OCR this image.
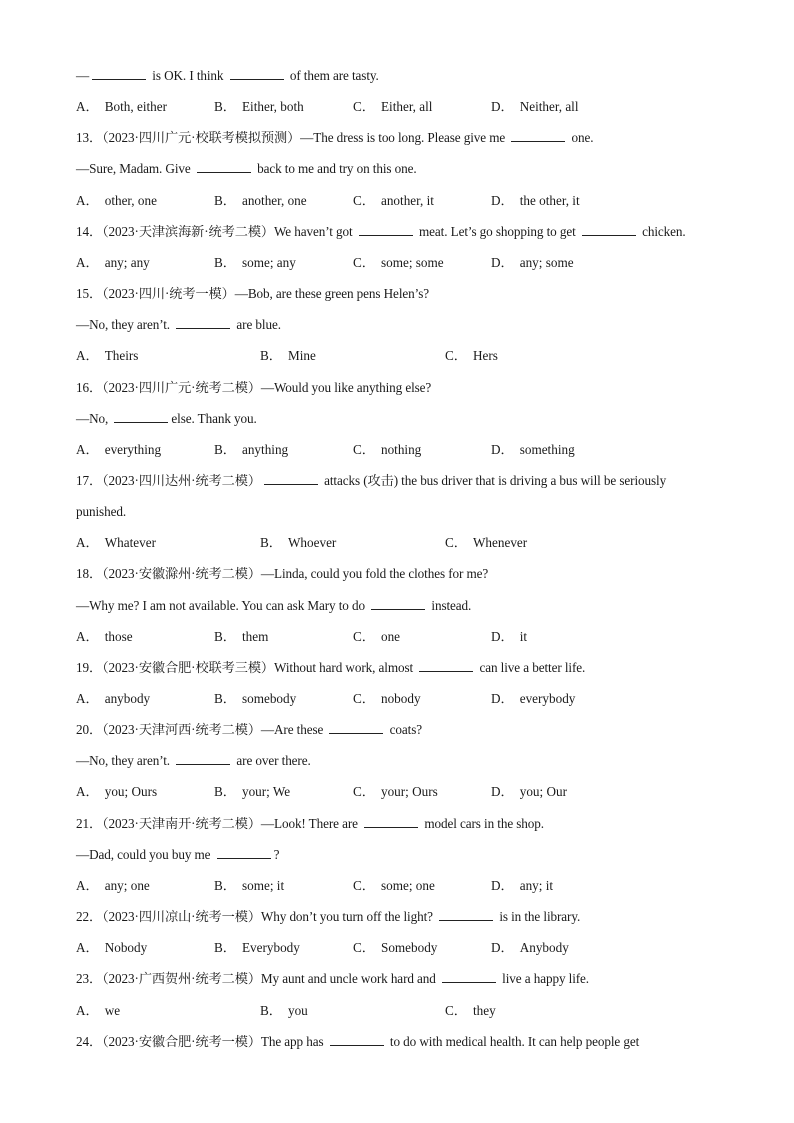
—	is OK. I think	of them are tasty.
A． Both, either	B． Either, both	C． Either, all	D． Neither, all
13．（2023·四川广元·校联考模拟预测）—The dress is too long. Please give me	one.
—Sure, Madam. Give	back to me and try on this one.
A． other, one	B． another, one	C． another, it	D． the other, it
14．（2023·天津滨海新·统考二模）We haven’t got	meat. Let’s go shopping to get	chicken.
A． any; any	B． some; any	C． some; some	D． any; some
15．（2023·四川·统考一模）—Bob, are these green pens Helen’s?
—No, they aren’t.	are blue.
A． Theirs	B． Mine	C． Hers
16．（2023·四川广元·统考二模）—Would you like anything else?
—No,	else. Thank you.
A． everything	B． anything	C． nothing	D． something
17．（2023·四川达州·统考二模）	attacks (攻击) the bus driver that is driving a bus will be seriously
punished.
A． Whatever	B． Whoever	C． Whenever
18．（2023·安徽滁州·统考二模）—Linda, could you fold the clothes for me?
—Why me? I am not available. You can ask Mary to do	instead.
A． those	B． them	C． one	D． it
19．（2023·安徽合肥·校联考三模）Without hard work, almost	can live a better life.
A． anybody	B． somebody	C． nobody	D． everybody
20．（2023·天津河西·统考二模）—Are these	coats?
—No, they aren’t.	are over there.
A． you; Ours	B． your; We	C． your; Ours	D． you; Our
21．（2023·天津南开·统考二模）—Look! There are	model cars in the shop.
—Dad, could you buy me	?
A． any; one	B． some; it	C． some; one	D． any; it
22．（2023·四川凉山·统考一模）Why don’t you turn off the light?	is in the library.
A． Nobody	B． Everybody	C． Somebody	D． Anybody
23．（2023·广西贺州·统考二模）My aunt and uncle work hard and	live a happy life.
A． we	B． you	C． they
24．（2023·安徽合肥·统考一模）The app has	to do with medical health. It can help people get
